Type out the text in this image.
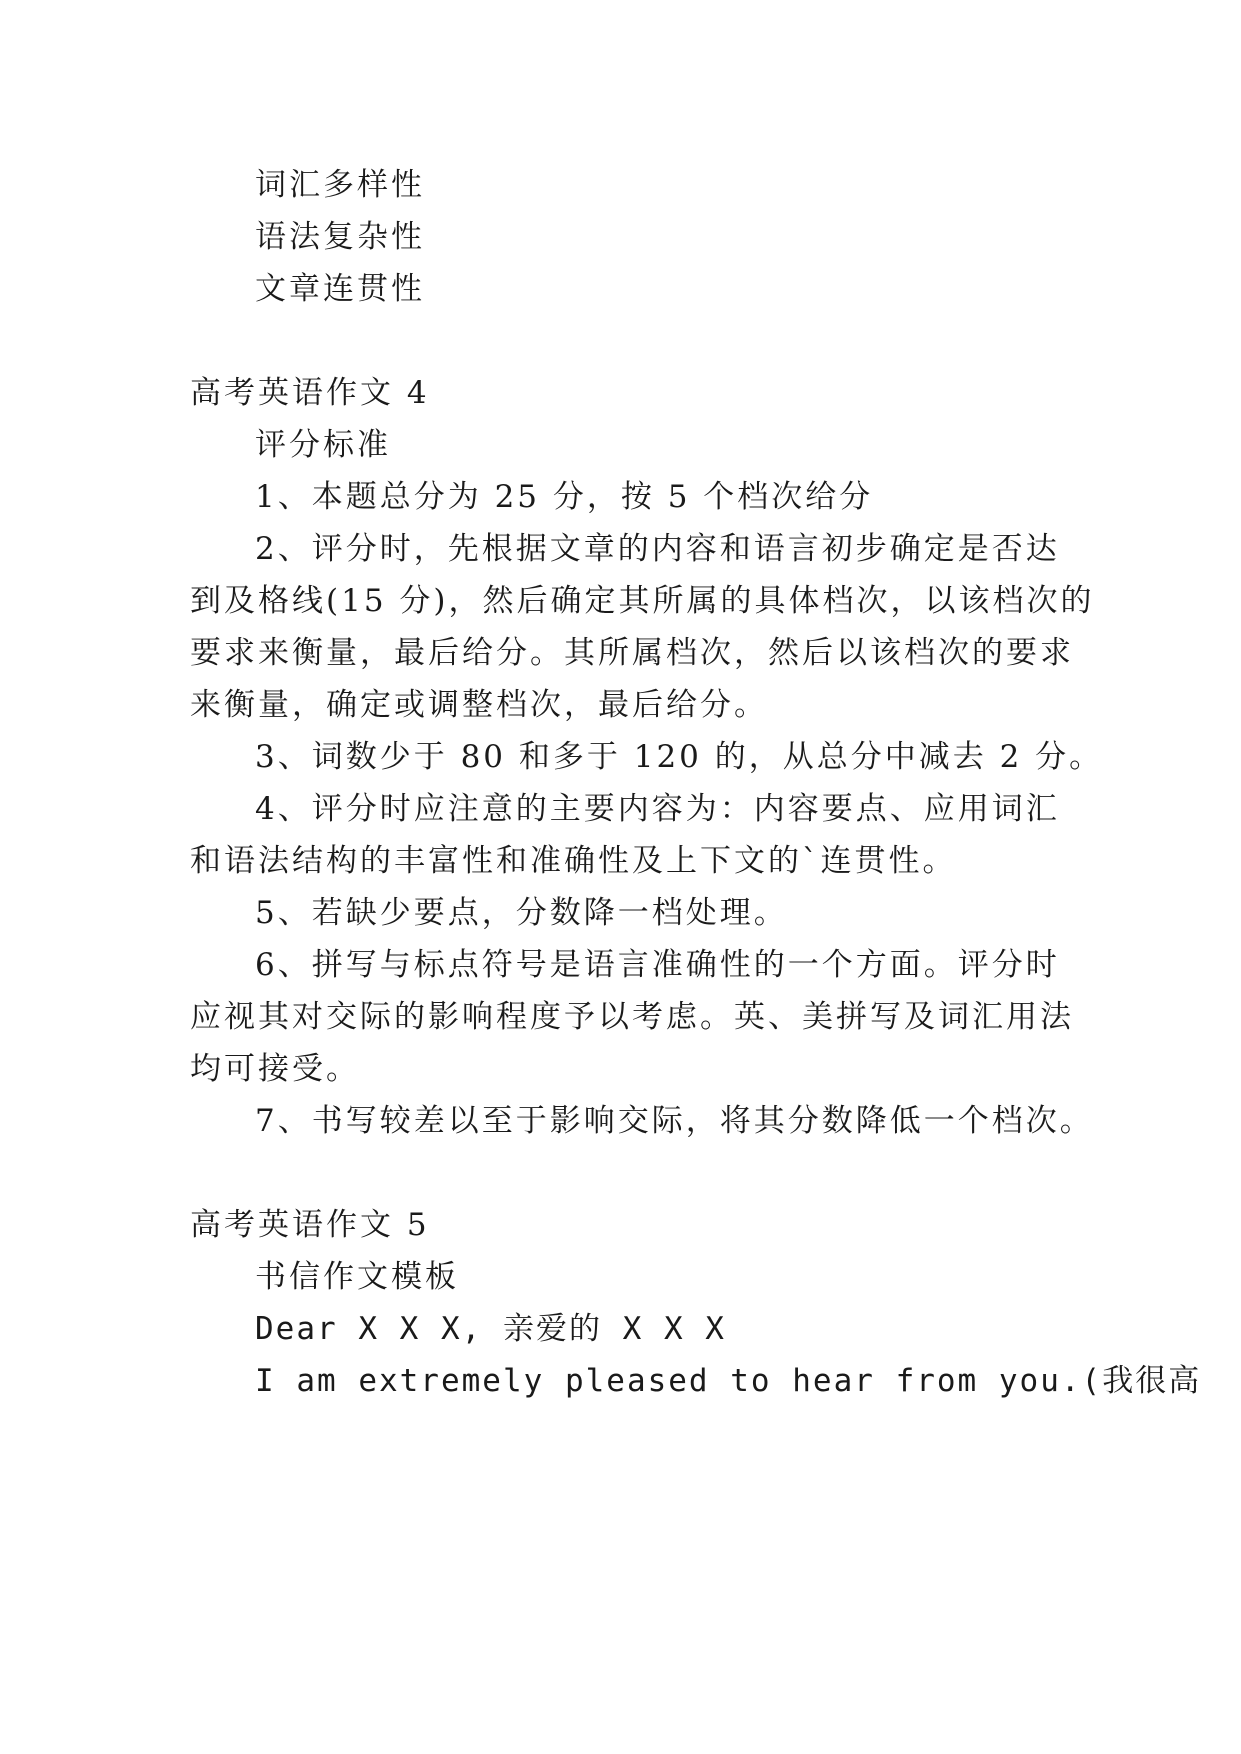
词汇多样性
语法复杂性
文章连贯性
高考英语作文 4
评分标准
1、本题总分为 25 分，按 5 个档次给分
2、评分时，先根据文章的内容和语言初步确定是否达
到及格线(15 分)，然后确定其所属的具体档次，以该档次的
要求来衡量，最后给分。其所属档次，然后以该档次的要求
来衡量，确定或调整档次，最后给分。
3、词数少于 80 和多于 120 的，从总分中减去 2 分。
4、评分时应注意的主要内容为：内容要点、应用词汇
和语法结构的丰富性和准确性及上下文的`连贯性。
5、若缺少要点，分数降一档处理。
6、拼写与标点符号是语言准确性的一个方面。评分时
应视其对交际的影响程度予以考虑。英、美拼写及词汇用法
均可接受。
7、书写较差以至于影响交际，将其分数降低一个档次。
高考英语作文 5
书信作文模板
Dear X X X, 亲爱的 X X X
I am extremely pleased to hear from you.(我很高
